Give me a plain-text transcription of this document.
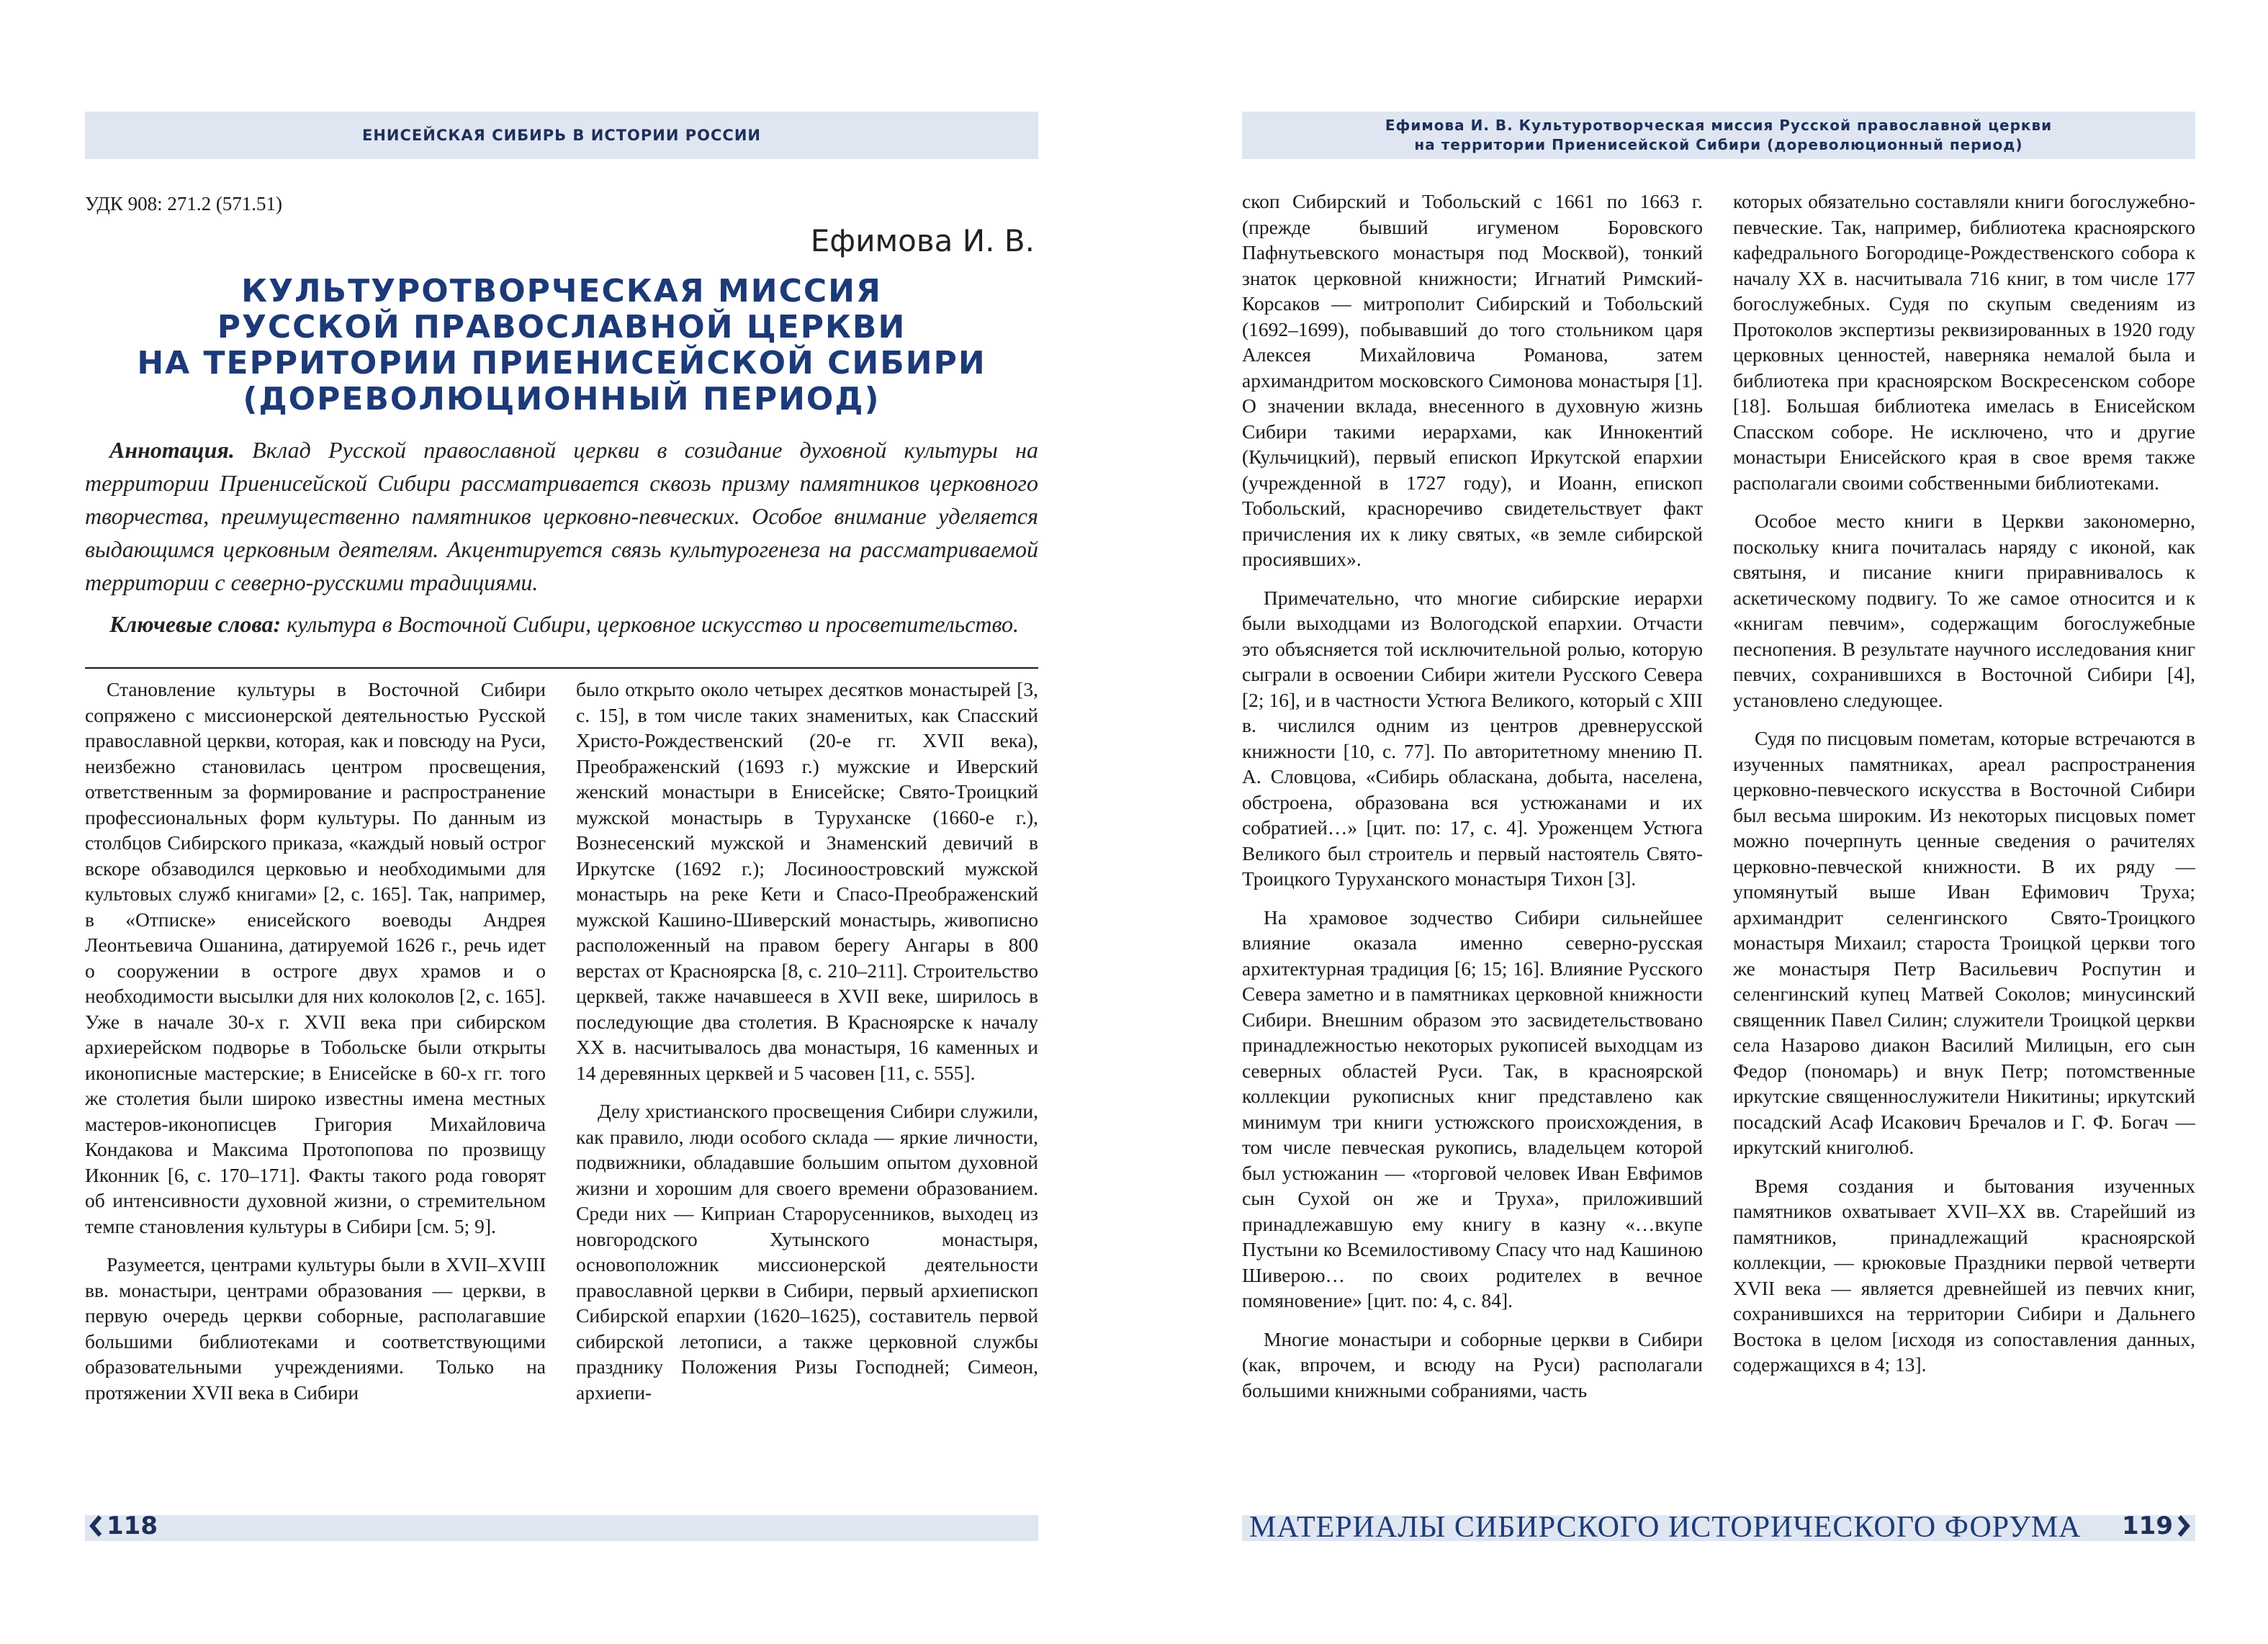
ЕНИСЕЙСКАЯ СИБИРЬ В ИСТОРИИ РОССИИ
УДК 908: 271.2 (571.51)
Ефимова И. В.
КУЛЬТУРОТВОРЧЕСКАЯ МИССИЯ
РУССКОЙ ПРАВОСЛАВНОЙ ЦЕРКВИ
НА ТЕРРИТОРИИ ПРИЕНИСЕЙСКОЙ СИБИРИ
(ДОРЕВОЛЮЦИОННЫЙ ПЕРИОД)

Аннотация. Вклад Русской православной церкви в созидание духовной культуры на территории Приенисейской Сибири рассматривается сквозь призму памятников церковного творчества, преимущественно памятников церковно-певческих. Особое внимание уделяется выдающимся церковным деятелям. Акцентируется связь культурогенеза на рассматриваемой территории с северно-русскими традициями.

Ключевые слова: культура в Восточной Сибири, церковное искусство и просветительство.

Становление культуры в Восточной Сибири сопряжено с миссионерской деятельностью Русской православной церкви, которая, как и повсюду на Руси, неизбежно становилась центром просвещения, ответственным за формирование и распространение профессиональных форм культуры. По данным из столбцов Сибирского приказа, «каждый новый острог вскоре обзаводился церковью и необходимыми для культовых служб книгами» [2, с. 165]. Так, например, в «Отписке» енисейского воеводы Андрея Леонтьевича Ошанина, датируемой 1626 г., речь идет о сооружении в остроге двух храмов и о необходимости высылки для них колоколов [2, с. 165]. Уже в начале 30-х г. XVII века при сибирском архиерейском подворье в Тобольске были открыты иконописные мастерские; в Енисейске в 60-х гг. того же столетия были широко известны имена местных мастеров-иконописцев Григория Михайловича Кондакова и Максима Протопопова по прозвищу Иконник [6, с. 170–171]. Факты такого рода говорят об интенсивности духовной жизни, о стремительном темпе становления культуры в Сибири [см. 5; 9].

Разумеется, центрами культуры были в XVII–XVIII вв. монастыри, центрами образования — церкви, в первую очередь церкви соборные, располагавшие большими библиотеками и соответствующими образовательными учреждениями. Только на протяжении XVII века в Сибири

было открыто около четырех десятков монастырей [3, с. 15], в том числе таких знаменитых, как Спасский Христо-Рождественский (20-е гг. XVII века), Преображенский (1693 г.) мужские и Иверский женский монастыри в Енисейске; Свято-Троицкий мужской монастырь в Туруханске (1660-е г.), Вознесенский мужской и Знаменский девичий в Иркутске (1692 г.); Лосиноостровский мужской монастырь на реке Кети и Спасо-Преображенский мужской Кашино-Шиверский монастырь, живописно расположенный на правом берегу Ангары в 800 верстах от Красноярска [8, с. 210–211]. Строительство церквей, также начавшееся в XVII веке, ширилось в последующие два столетия. В Красноярске к началу XX в. насчитывалось два монастыря, 16 каменных и 14 деревянных церквей и 5 часовен [11, с. 555].

Делу христианского просвещения Сибири служили, как правило, люди особого склада — яркие личности, подвижники, обладавшие большим опытом духовной жизни и хорошим для своего времени образованием. Среди них — Киприан Старорусенников, выходец из новгородского Хутынского монастыря, основоположник миссионерской деятельности православной церкви в Сибири, первый архиепископ Сибирской епархии (1620–1625), составитель первой сибирской летописи, а также церковной службы празднику Положения Ризы Господней; Симеон, архиепи-

118
Ефимова И. В. Культуротворческая миссия Русской православной церкви
на территории Приенисейской Сибири (дореволюционный период)

скоп Сибирский и Тобольский с 1661 по 1663 г. (прежде бывший игуменом Боровского Пафнутьевского монастыря под Москвой), тонкий знаток церковной книжности; Игнатий Римский-Корсаков — митрополит Сибирский и Тобольский (1692–1699), побывавший до того стольником царя Алексея Михайловича Романова, затем архимандритом московского Симонова монастыря [1]. О значении вклада, внесенного в духовную жизнь Сибири такими иерархами, как Иннокентий (Кульчицкий), первый епископ Иркутской епархии (учрежденной в 1727 году), и Иоанн, епископ Тобольский, красноречиво свидетельствует факт причисления их к лику святых, «в земле сибирской просиявших».

Примечательно, что многие сибирские иерархи были выходцами из Вологодской епархии. Отчасти это объясняется той исключительной ролью, которую сыграли в освоении Сибири жители Русского Севера [2; 16], и в частности Устюга Великого, который с XIII в. числился одним из центров древнерусской книжности [10, с. 77]. По авторитетному мнению П. А. Словцова, «Сибирь обласкана, добыта, населена, обстроена, образована вся устюжанами и их собратией…» [цит. по: 17, с. 4]. Уроженцем Устюга Великого был строитель и первый настоятель Свято-Троицкого Туруханского монастыря Тихон [3].

На храмовое зодчество Сибири сильнейшее влияние оказала именно северно-русская архитектурная традиция [6; 15; 16]. Влияние Русского Севера заметно и в памятниках церковной книжности Сибири. Внешним образом это засвидетельствовано принадлежностью некоторых рукописей выходцам из северных областей Руси. Так, в красноярской коллекции рукописных книг представлено как минимум три книги устюжского происхождения, в том числе певческая рукопись, владельцем которой был устюжанин — «торговой человек Иван Евфимов сын Сухой он же и Труха», приложивший принадлежавшую ему книгу в казну «…вкупе Пустыни ко Всемилостивому Спасу что над Кашиною Шиверою… по своих родителех в вечное помяновение» [цит. по: 4, с. 84].

Многие монастыри и соборные церкви в Сибири (как, впрочем, и всюду на Руси) располагали большими книжными собраниями, часть

которых обязательно составляли книги богослужебно-певческие. Так, например, библиотека красноярского кафедрального Богородице-Рождественского собора к началу XX в. насчитывала 716 книг, в том числе 177 богослужебных. Судя по скупым сведениям из Протоколов экспертизы реквизированных в 1920 году церковных ценностей, наверняка немалой была и библиотека при красноярском Воскресенском соборе [18]. Большая библиотека имелась в Енисейском Спасском соборе. Не исключено, что и другие монастыри Енисейского края в свое время также располагали своими собственными библиотеками.

Особое место книги в Церкви закономерно, поскольку книга почиталась наряду с иконой, как святыня, и писание книги приравнивалось к аскетическому подвигу. То же самое относится и к «книгам певчим», содержащим богослужебные песнопения. В результате научного исследования книг певчих, сохранившихся в Восточной Сибири [4], установлено следующее.

Судя по писцовым пометам, которые встречаются в изученных памятниках, ареал распространения церковно-певческого искусства в Восточной Сибири был весьма широким. Из некоторых писцовых помет можно почерпнуть ценные сведения о рачителях церковно-певческой книжности. В их ряду — упомянутый выше Иван Ефимович Труха; архимандрит селенгинского Свято-Троицкого монастыря Михаил; староста Троицкой церкви того же монастыря Петр Васильевич Роспутин и селенгинский купец Матвей Соколов; минусинский священник Павел Силин; служители Троицкой церкви села Назарово диакон Василий Милицын, его сын Федор (пономарь) и внук Петр; потомственные иркутские священнослужители Никитины; иркутский посадский Асаф Исакович Бречалов и Г. Ф. Богач — иркутский книголюб.

Время создания и бытования изученных памятников охватывает XVII–XX вв. Старейший из памятников, принадлежащий красноярской коллекции, — крюковые Праздники первой четверти XVII века — является древнейшей из певчих книг, сохранившихся на территории Сибири и Дальнего Востока в целом [исходя из сопоставления данных, содержащихся в 4; 13].

МАТЕРИАЛЫ СИБИРСКОГО ИСТОРИЧЕСКОГО ФОРУМА 119
